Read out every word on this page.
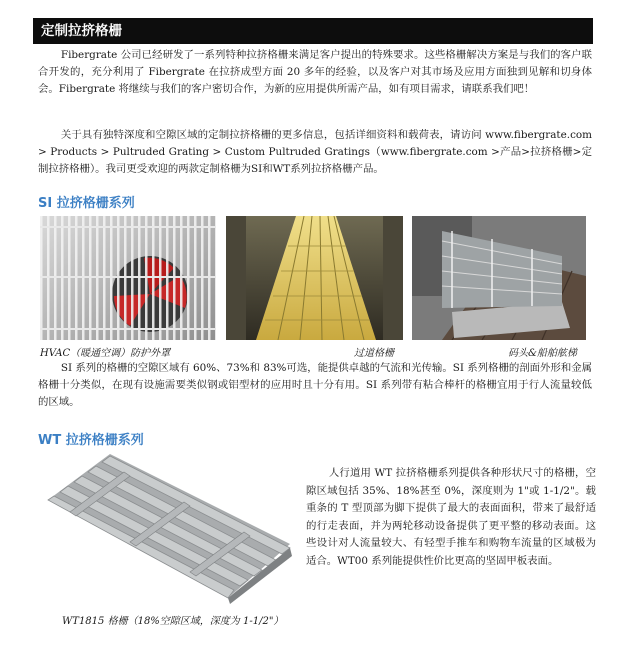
定制拉挤格栅

Fibergrate 公司已经研发了一系列特种拉挤格栅来满足客户提出的特殊要求。这些格栅解决方案是与我们的客户联合开发的，充分利用了 Fibergrate 在拉挤成型方面 20 多年的经验，以及客户对其市场及应用方面独到见解和切身体会。Fibergrate 将继续与我们的客户密切合作，为新的应用提供所需产品，如有项目需求，请联系我们吧！

关于具有独特深度和空隙区域的定制拉挤格栅的更多信息，包括详细资料和载荷表，请访问 www.fibergrate.com > Products > Pultruded Grating > Custom Pultruded Gratings（www.fibergrate.com >产品>拉挤格栅>定制拉挤格栅）。我司更受欢迎的两款定制格栅为SI和WT系列拉挤格栅产品。

SI 拉挤格栅系列
HVAC（暖通空调）防护外罩	过道格栅	码头&船舶舷梯

SI 系列的格栅的空隙区域有 60%、73%和 83%可选，能提供卓越的气流和光传输。SI 系列格栅的剖面外形和金属格栅十分类似，在现有设施需要类似钢或铝型材的应用时且十分有用。SI 系列带有粘合棒杆的格栅宜用于行人流量较低的区域。

WT 拉挤格栅系列

人行道用 WT 拉挤格栅系列提供各种形状尺寸的格栅，空隙区域包括 35%、18%甚至 0%，深度则为 1"或 1-1/2"。载重条的 T 型顶部为脚下提供了最大的表面面积，带来了最舒适的行走表面，并为两轮移动设备提供了更平整的移动表面。这些设计对人流量较大、有轻型手推车和购物车流量的区域极为适合。WT00 系列能提供性价比更高的坚固甲板表面。

WT1815 格栅（18%空隙区域，深度为 1-1/2"）
